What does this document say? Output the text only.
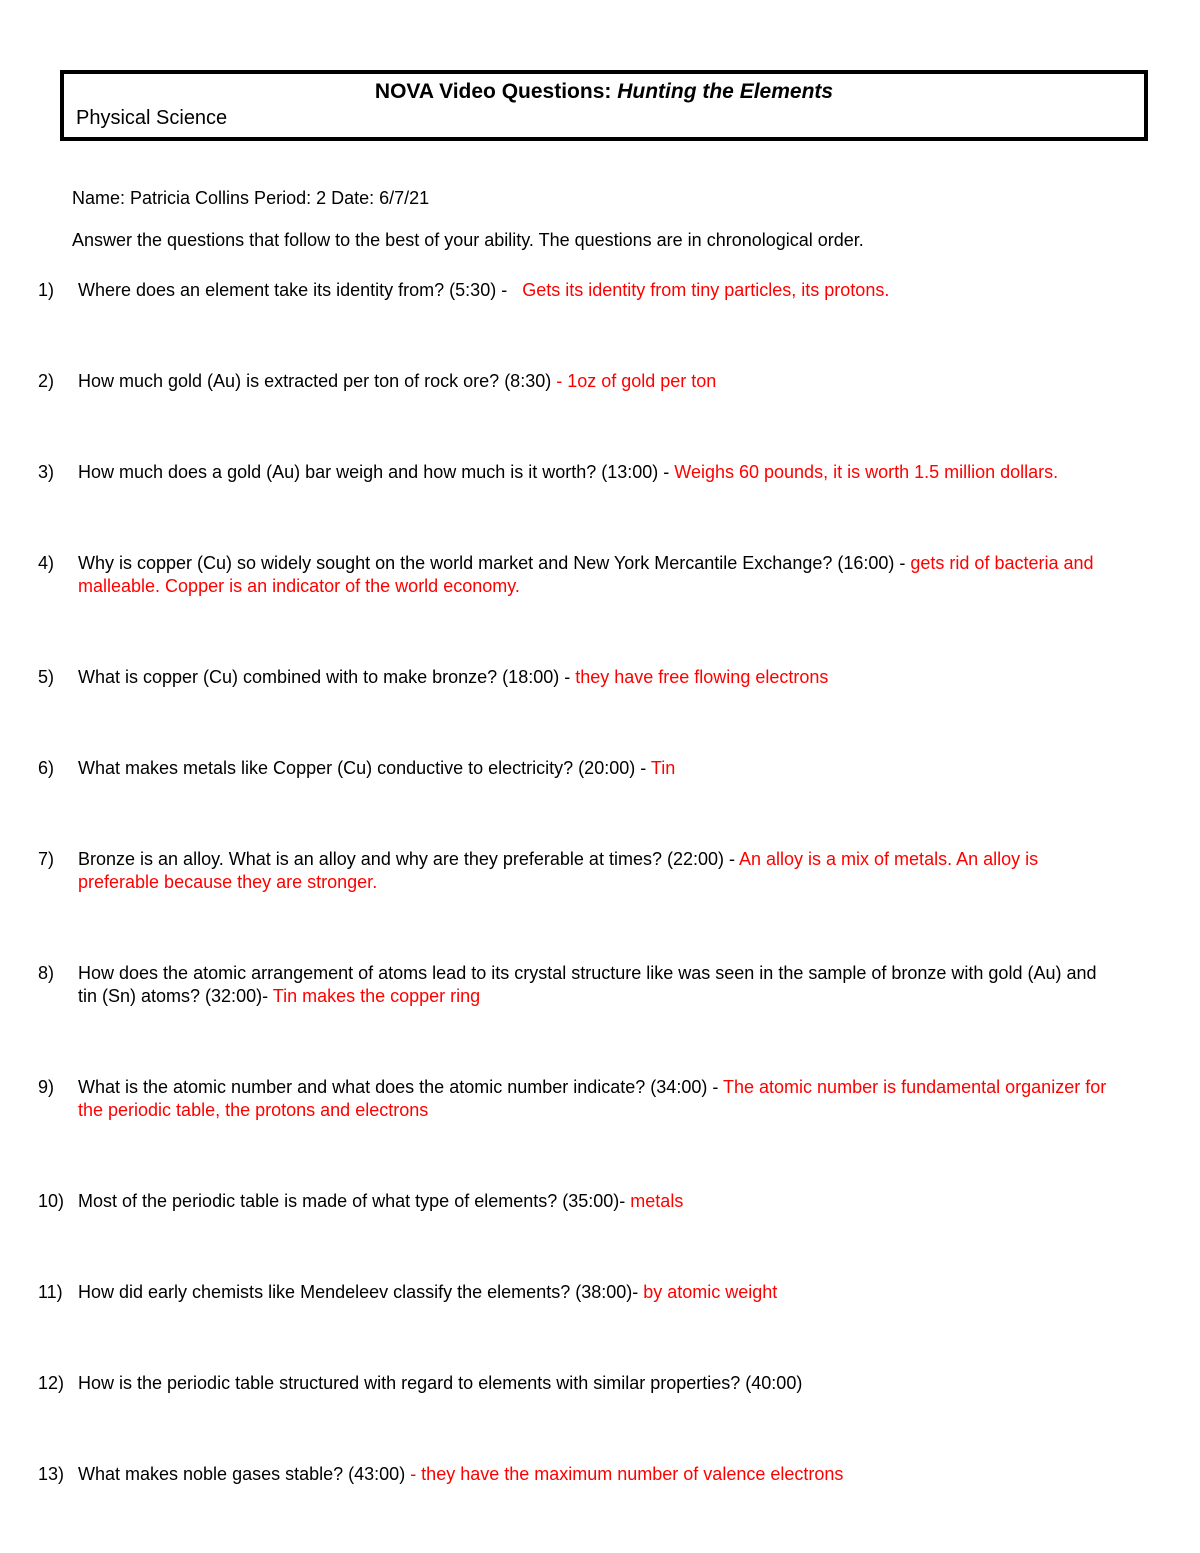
NOVA Video Questions: Hunting the Elements
Physical Science
Name: Patricia Collins Period: 2 Date: 6/7/21
Answer the questions that follow to the best of your ability. The questions are in chronological order.
1)	Where does an element take its identity from? (5:30) -   Gets its identity from tiny particles, its protons.
2)	How much gold (Au) is extracted per ton of rock ore? (8:30) - 1oz of gold per ton
3)	How much does a gold (Au) bar weigh and how much is it worth? (13:00) - Weighs 60 pounds, it is worth 1.5 million dollars.
4)	Why is copper (Cu) so widely sought on the world market and New York Mercantile Exchange? (16:00) - gets rid of bacteria and malleable. Copper is an indicator of the world economy.
5)	What is copper (Cu) combined with to make bronze? (18:00) - they have free flowing electrons
6)	What makes metals like Copper (Cu) conductive to electricity? (20:00) - Tin
7)	Bronze is an alloy. What is an alloy and why are they preferable at times? (22:00) - An alloy is a mix of metals. An alloy is preferable because they are stronger.
8)	How does the atomic arrangement of atoms lead to its crystal structure like was seen in the sample of bronze with gold (Au) and tin (Sn) atoms? (32:00)- Tin makes the copper ring
9)	What is the atomic number and what does the atomic number indicate? (34:00) - The atomic number is fundamental organizer for the periodic table, the protons and electrons
10) Most of the periodic table is made of what type of elements? (35:00)- metals
11) How did early chemists like Mendeleev classify the elements? (38:00)- by atomic weight
12) How is the periodic table structured with regard to elements with similar properties? (40:00)
13) What makes noble gases stable? (43:00) - they have the maximum number of valence electrons
